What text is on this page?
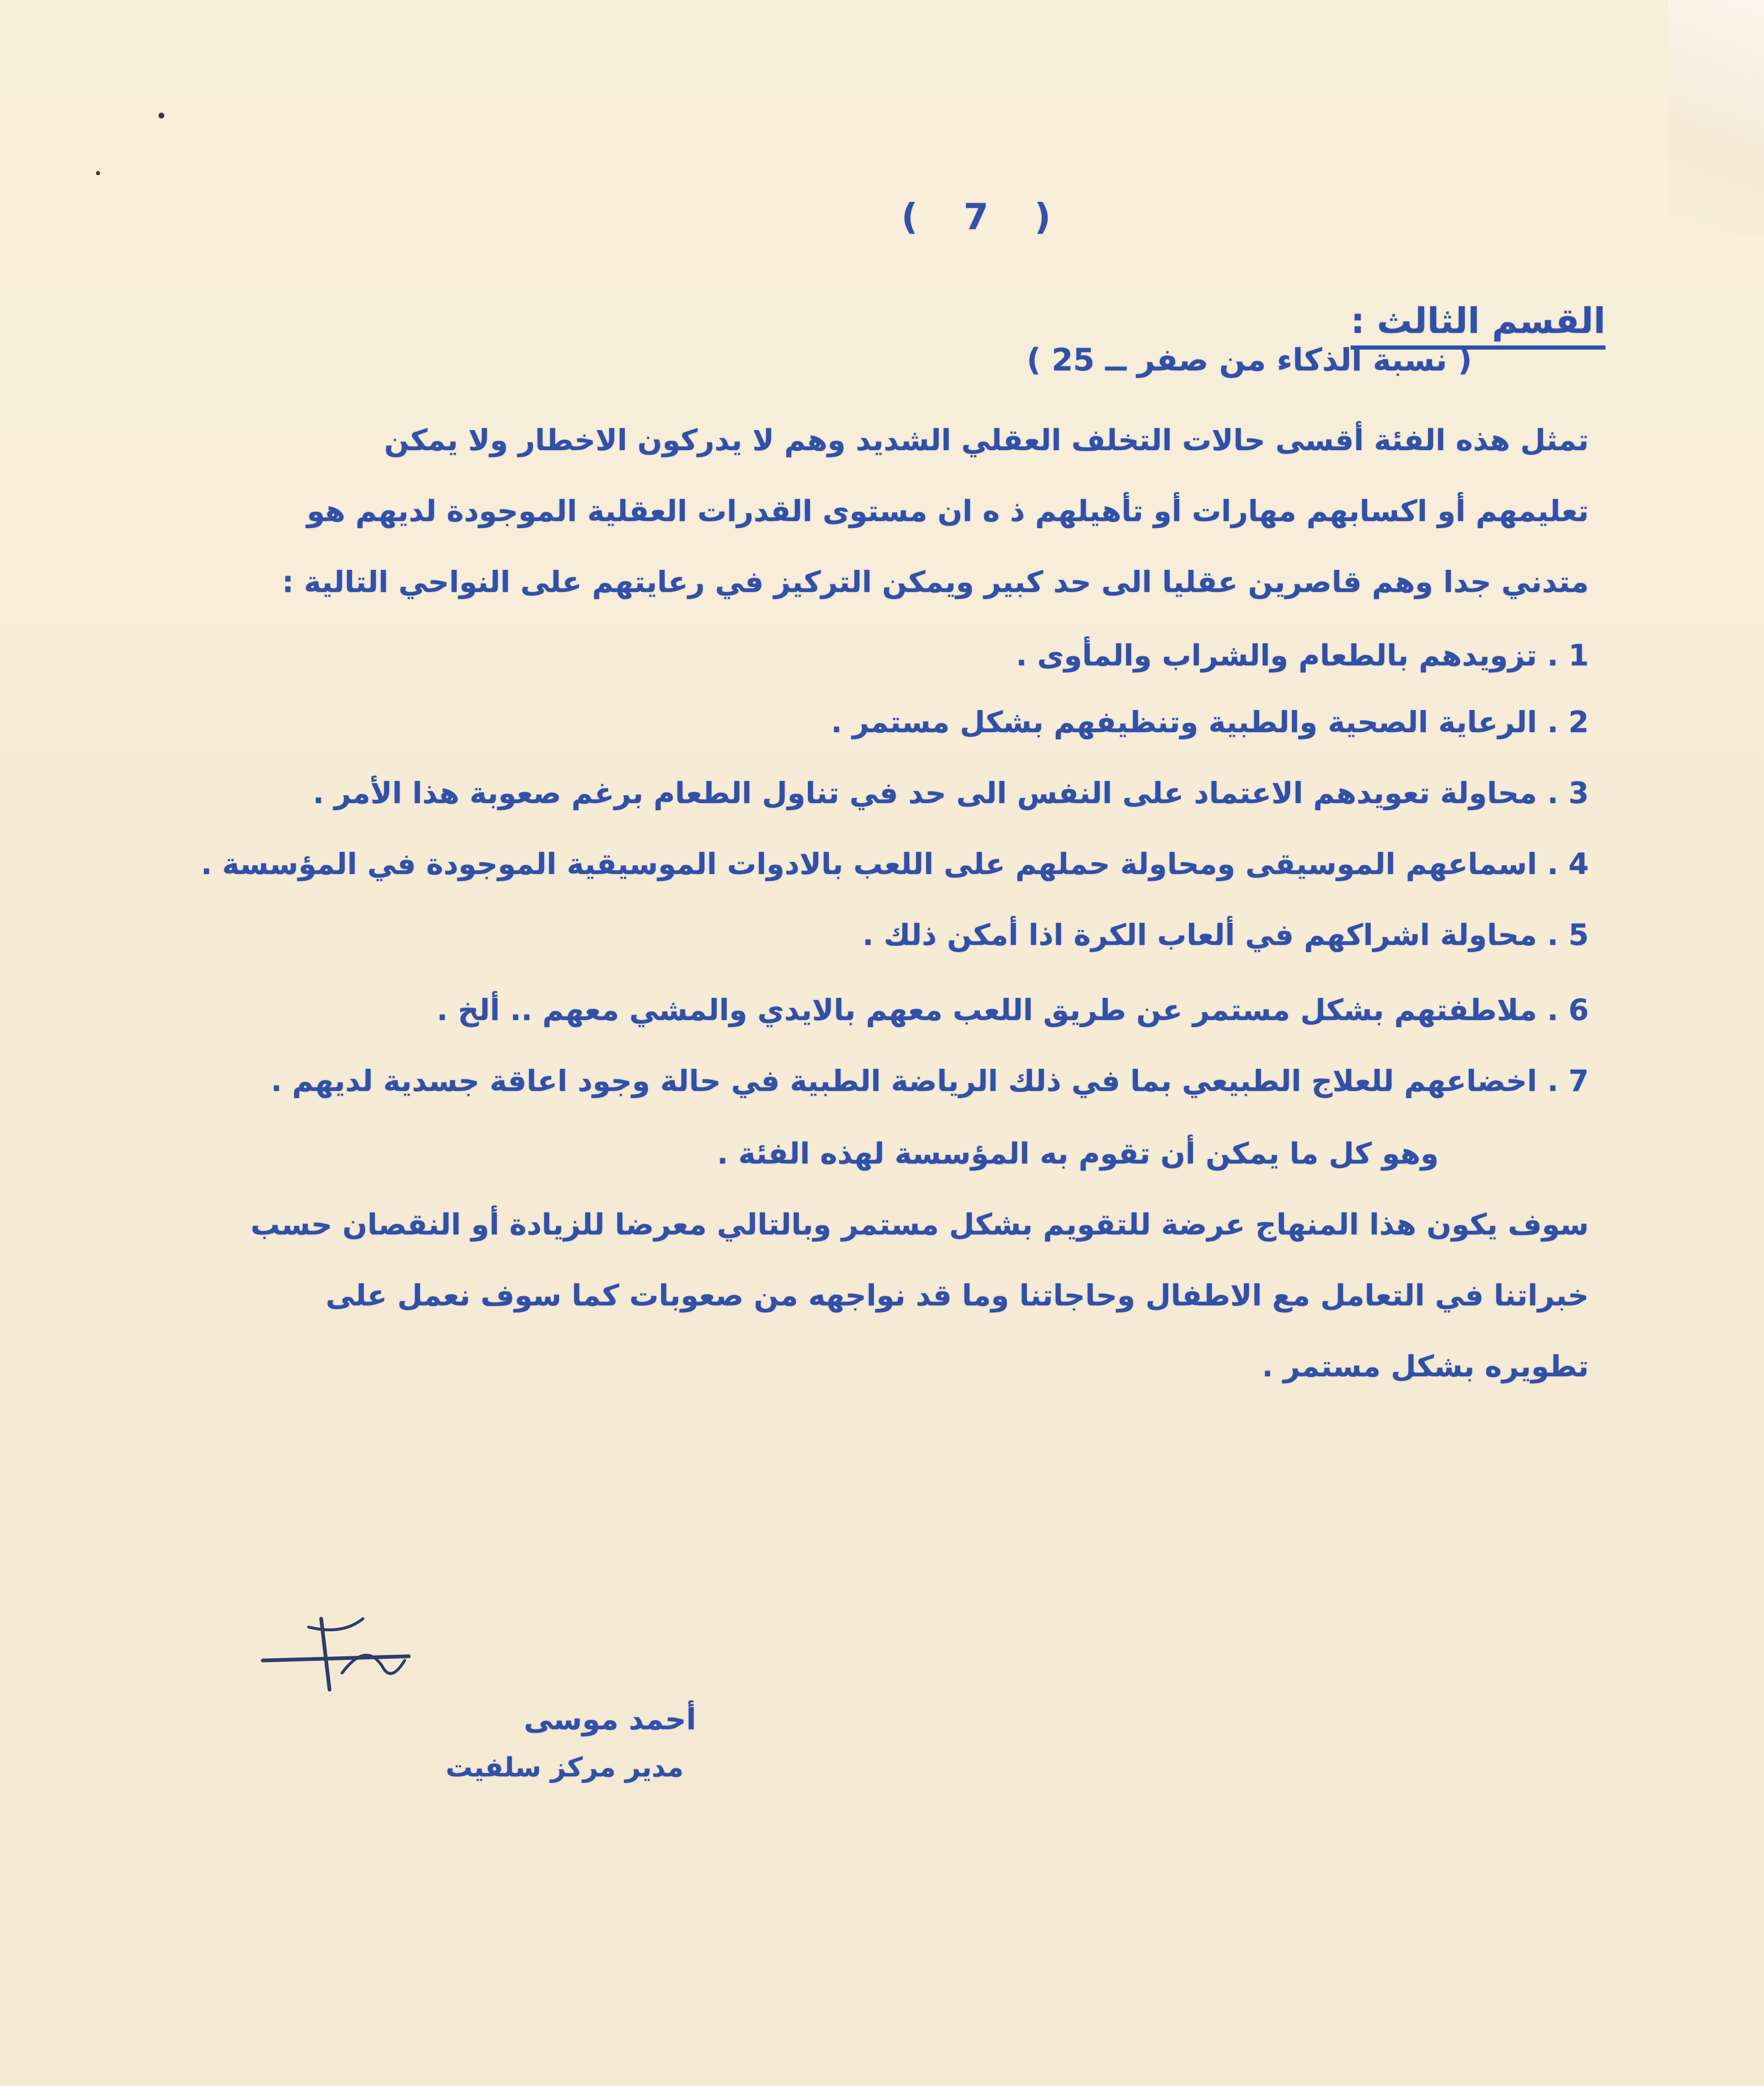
( 7 )
القسم الثالث :
( نسبة الذكاء من صفر ــ 25 )
تمثل هذه الفئة أقسى حالات التخلف العقلي الشديد وهم لا يدركون الاخطار ولا يمكن
تعليمهم أو اكسابهم مهارات أو تأهيلهم ذ ه ان مستوى القدرات العقلية الموجودة لديهم هو
متدني جدا وهم قاصرين عقليا الى حد كبير ويمكن التركيز في رعايتهم على النواحي التالية :
1 . تزويدهم بالطعام والشراب والمأوى .
2 . الرعاية الصحية والطبية وتنظيفهم بشكل مستمر .
3 . محاولة تعويدهم الاعتماد على النفس الى حد في تناول الطعام برغم صعوبة هذا الأمر .
4 . اسماعهم الموسيقى ومحاولة حملهم على اللعب بالادوات الموسيقية الموجودة في المؤسسة .
5 . محاولة اشراكهم في ألعاب الكرة اذا أمكن ذلك .
6 . ملاطفتهم بشكل مستمر عن طريق اللعب معهم بالايدي والمشي معهم .. ألخ .
7 . اخضاعهم للعلاج الطبيعي بما في ذلك الرياضة الطبية في حالة وجود اعاقة جسدية لديهم .
وهو كل ما يمكن أن تقوم به المؤسسة لهذه الفئة .
سوف يكون هذا المنهاج عرضة للتقويم بشكل مستمر وبالتالي معرضا للزيادة أو النقصان حسب
خبراتنا في التعامل مع الاطفال وحاجاتنا وما قد نواجهه من صعوبات كما سوف نعمل على
تطويره بشكل مستمر .
أحمد موسى
مدير مركز سلفيت
